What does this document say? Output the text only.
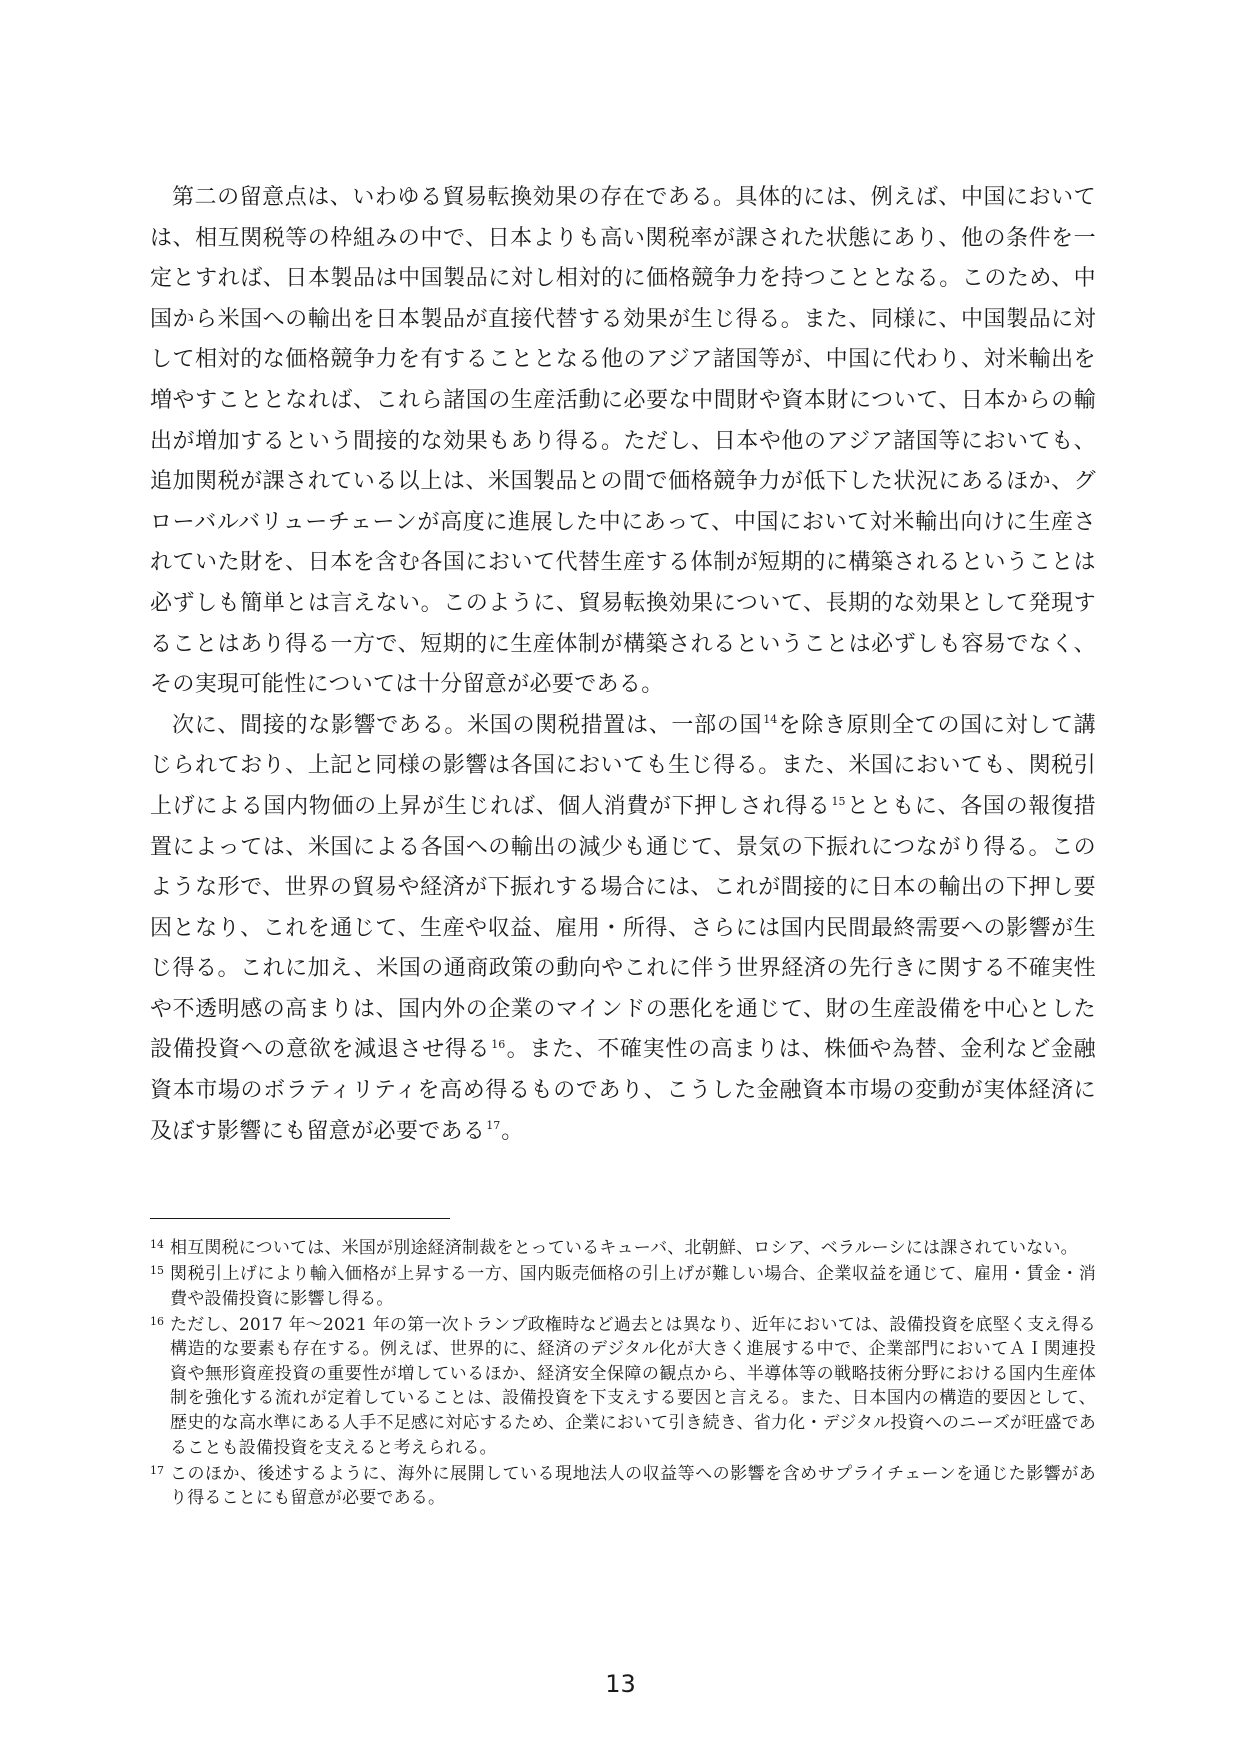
第二の留意点は、いわゆる貿易転換効果の存在である。具体的には、例えば、中国においては、相互関税等の枠組みの中で、日本よりも高い関税率が課された状態にあり、他の条件を一定とすれば、日本製品は中国製品に対し相対的に価格競争力を持つこととなる。このため、中国から米国への輸出を日本製品が直接代替する効果が生じ得る。また、同様に、中国製品に対して相対的な価格競争力を有することとなる他のアジア諸国等が、中国に代わり、対米輸出を増やすこととなれば、これら諸国の生産活動に必要な中間財や資本財について、日本からの輸出が増加するという間接的な効果もあり得る。ただし、日本や他のアジア諸国等においても、追加関税が課されている以上は、米国製品との間で価格競争力が低下した状況にあるほか、グローバルバリューチェーンが高度に進展した中にあって、中国において対米輸出向けに生産されていた財を、日本を含む各国において代替生産する体制が短期的に構築されるということは必ずしも簡単とは言えない。このように、貿易転換効果について、長期的な効果として発現することはあり得る一方で、短期的に生産体制が構築されるということは必ずしも容易でなく、その実現可能性については十分留意が必要である。

次に、間接的な影響である。米国の関税措置は、一部の国$^{14}$を除き原則全ての国に対して講じられており、上記と同様の影響は各国においても生じ得る。また、米国においても、関税引上げによる国内物価の上昇が生じれば、個人消費が下押しされ得る$^{15}$とともに、各国の報復措置によっては、米国による各国への輸出の減少も通じて、景気の下振れにつながり得る。このような形で、世界の貿易や経済が下振れする場合には、これが間接的に日本の輸出の下押し要因となり、これを通じて、生産や収益、雇用・所得、さらには国内民間最終需要への影響が生じ得る。これに加え、米国の通商政策の動向やこれに伴う世界経済の先行きに関する不確実性や不透明感の高まりは、国内外の企業のマインドの悪化を通じて、財の生産設備を中心とした設備投資への意欲を減退させ得る$^{16}$。また、不確実性の高まりは、株価や為替、金利など金融資本市場のボラティリティを高め得るものであり、こうした金融資本市場の変動が実体経済に及ぼす影響にも留意が必要である$^{17}$。

14 相互関税については、米国が別途経済制裁をとっているキューバ、北朝鮮、ロシア、ベラルーシには課されていない。
15 関税引上げにより輸入価格が上昇する一方、国内販売価格の引上げが難しい場合、企業収益を通じて、雇用・賃金・消費や設備投資に影響し得る。
16 ただし、2017 年～2021 年の第一次トランプ政権時など過去とは異なり、近年においては、設備投資を底堅く支え得る構造的な要素も存在する。例えば、世界的に、経済のデジタル化が大きく進展する中で、企業部門においてＡＩ関連投資や無形資産投資の重要性が増しているほか、経済安全保障の観点から、半導体等の戦略技術分野における国内生産体制を強化する流れが定着していることは、設備投資を下支えする要因と言える。また、日本国内の構造的要因として、歴史的な高水準にある人手不足感に対応するため、企業において引き続き、省力化・デジタル投資へのニーズが旺盛であることも設備投資を支えると考えられる。
17 このほか、後述するように、海外に展開している現地法人の収益等への影響を含めサプライチェーンを通じた影響があり得ることにも留意が必要である。
13
